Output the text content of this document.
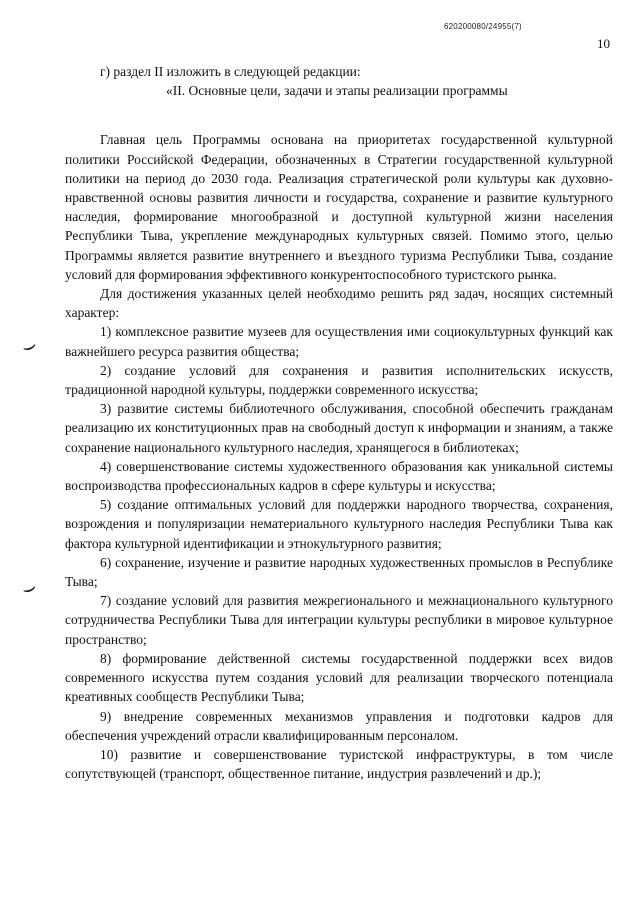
620200080/24955(7)
10
⌣
⌣

г) раздел II изложить в следующей редакции:

«II. Основные цели, задачи и этапы реализации программы

Главная цель Программы основана на приоритетах государственной культурной политики Российской Федерации, обозначенных в Стратегии государственной культурной политики на период до 2030 года. Реализация стратегической роли культуры как духовно-нравственной основы развития личности и государства, сохранение и развитие культурного наследия, формирование многообразной и доступной культурной жизни населения Республики Тыва, укрепление международных культурных связей. Помимо этого, целью Программы является развитие внутреннего и въездного туризма Республики Тыва, создание условий для формирования эффективного конкурентоспособного туристского рынка.

Для достижения указанных целей необходимо решить ряд задач, носящих системный характер:

1) комплексное развитие музеев для осуществления ими социокультурных функций как важнейшего ресурса развития общества;

2) создание условий для сохранения и развития исполнительских искусств, традиционной народной культуры, поддержки современного искусства;

3) развитие системы библиотечного обслуживания, способной обеспечить гражданам реализацию их конституционных прав на свободный доступ к информации и знаниям, а также сохранение национального культурного наследия, хранящегося в библиотеках;

4) совершенствование системы художественного образования как уникальной системы воспроизводства профессиональных кадров в сфере культуры и искусства;

5) создание оптимальных условий для поддержки народного творчества, сохранения, возрождения и популяризации нематериального культурного наследия Республики Тыва как фактора культурной идентификации и этнокультурного развития;

6) сохранение, изучение и развитие народных художественных промыслов в Республике Тыва;

7) создание условий для развития межрегионального и межнационального культурного сотрудничества Республики Тыва для интеграции культуры республики в мировое культурное пространство;

8) формирование действенной системы государственной поддержки всех видов современного искусства путем создания условий для реализации творческого потенциала креативных сообществ Республики Тыва;

9) внедрение современных механизмов управления и подготовки кадров для обеспечения учреждений отрасли квалифицированным персоналом.

10) развитие и совершенствование туристской инфраструктуры, в том числе сопутствующей (транспорт, общественное питание, индустрия развлечений и др.);
